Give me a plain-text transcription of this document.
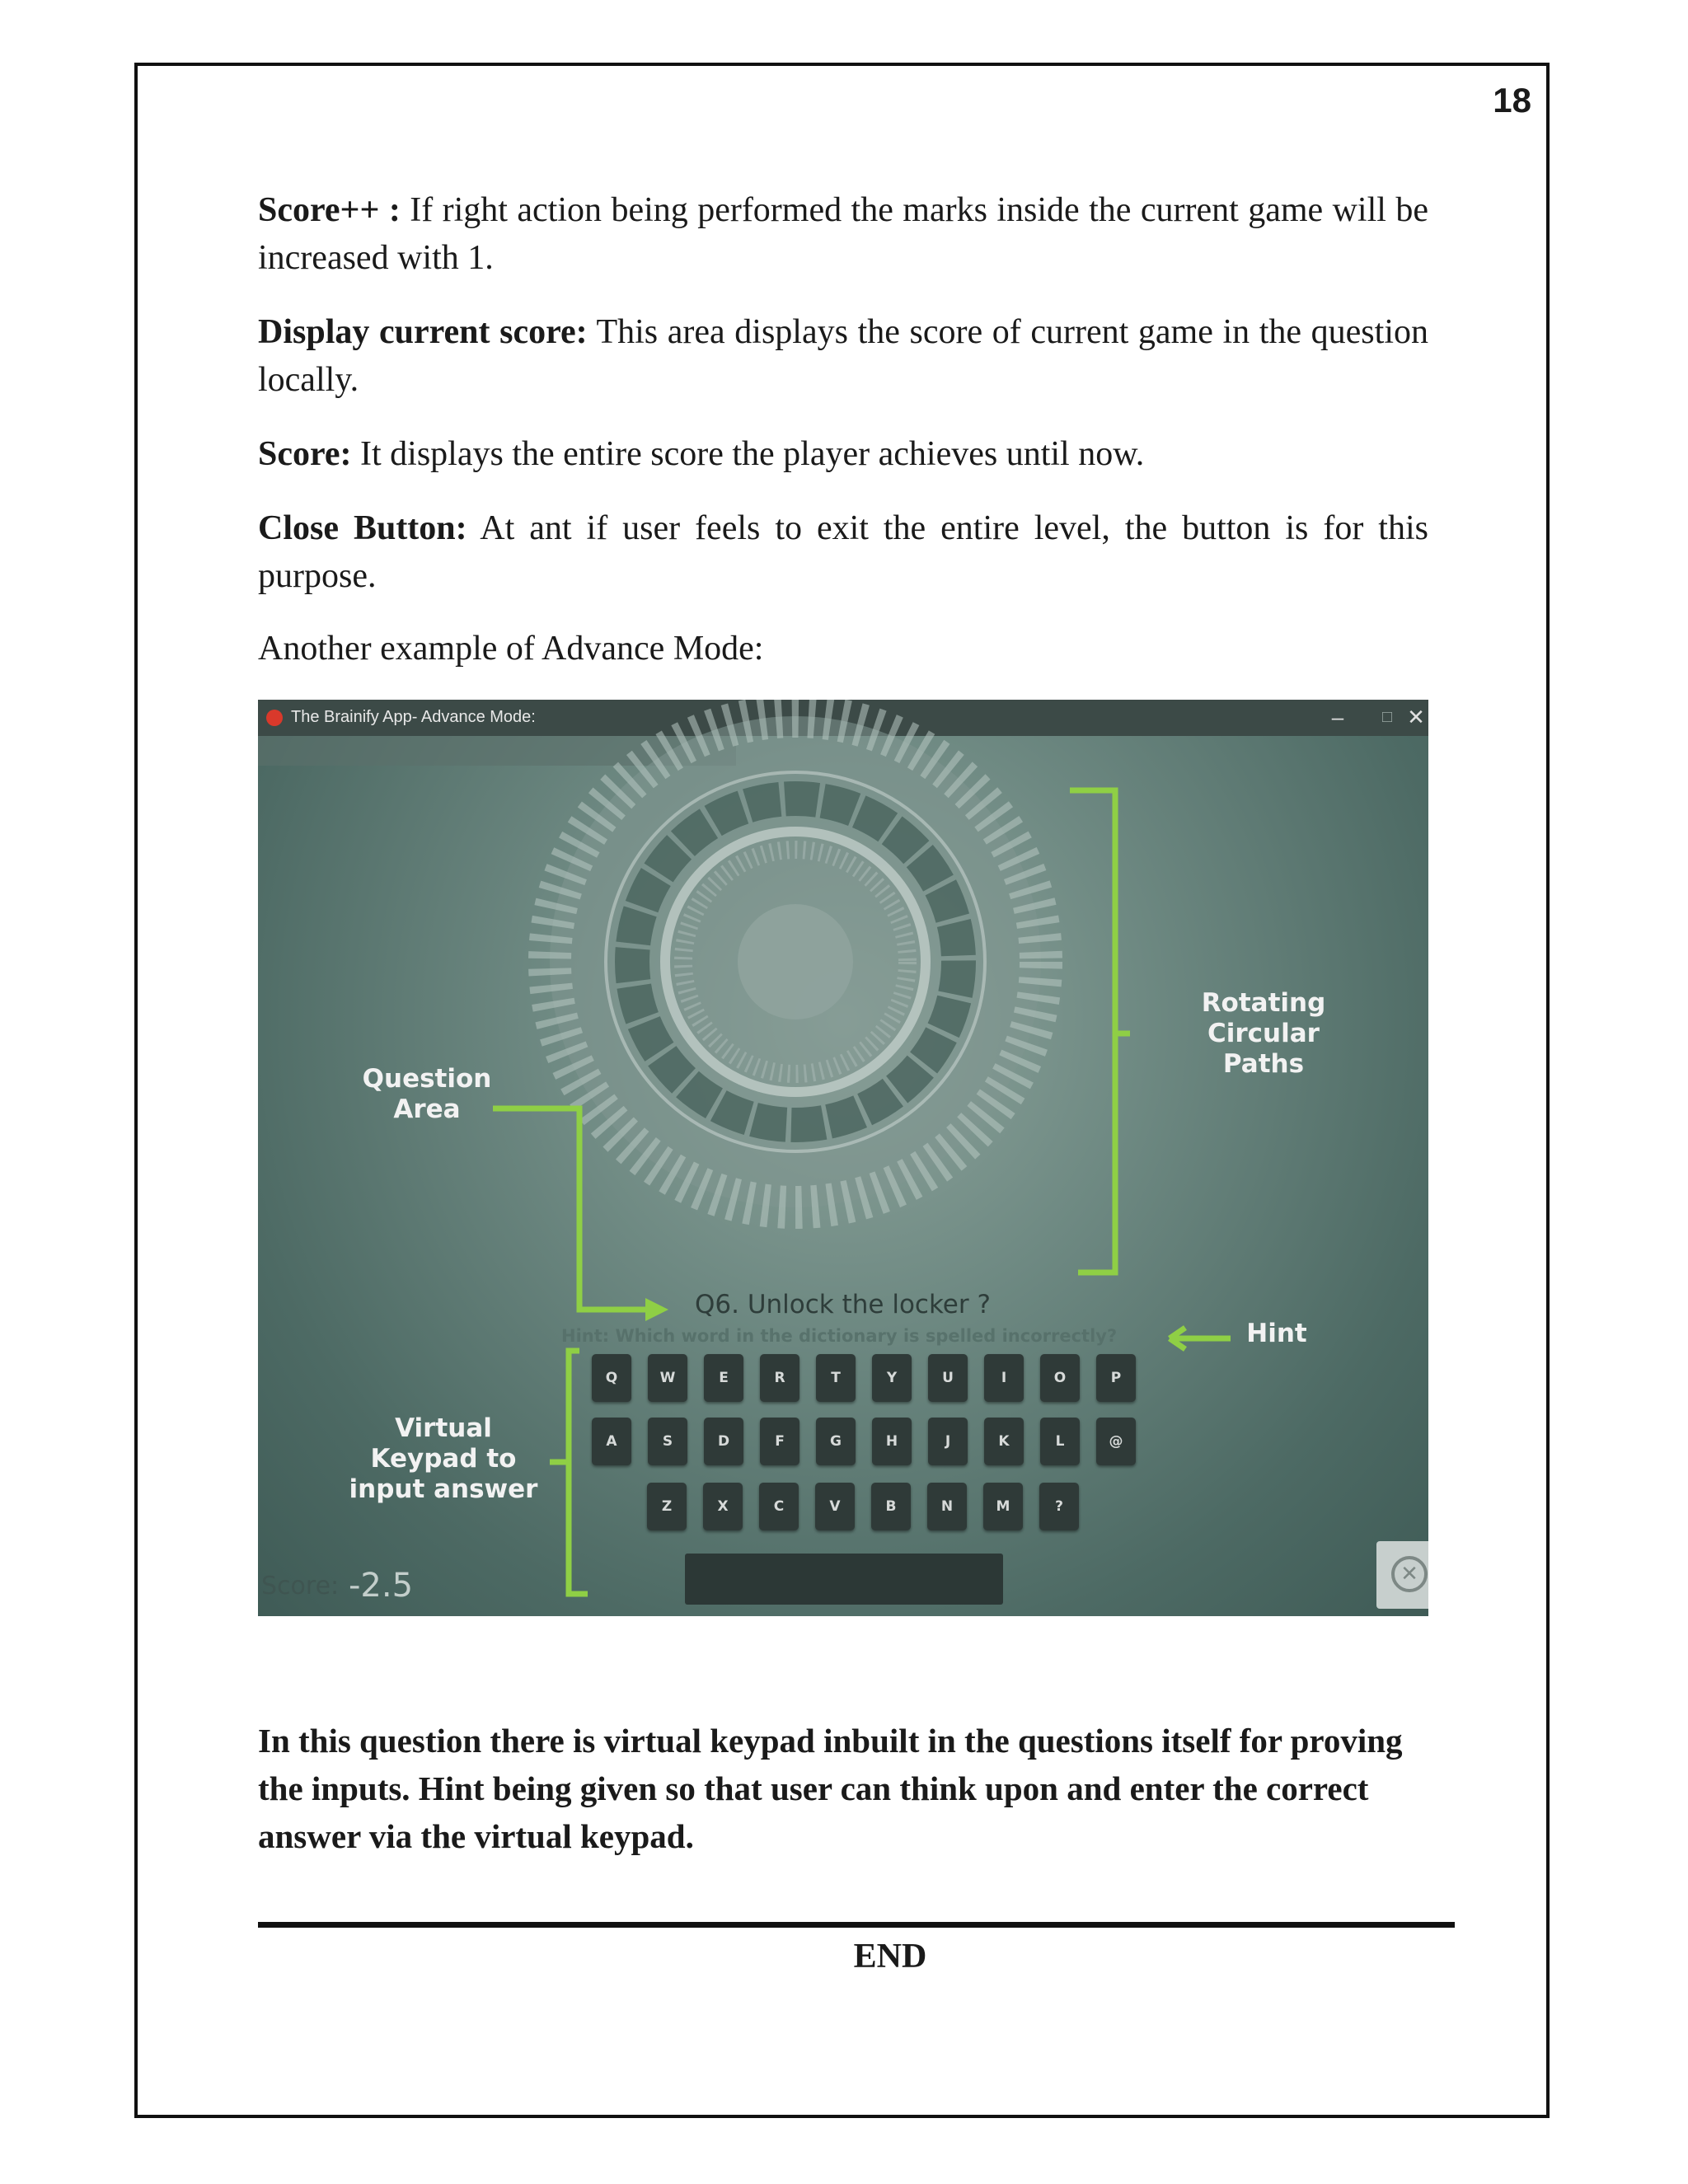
18

Score++ : If right action being performed the marks inside the current game will be increased with 1.

Display current score: This area displays the score of current game in the question locally.

Score: It displays the entire score the player achieves until now.

Close Button: At ant if user feels to exit the entire level, the button is for this purpose.

Another example of Advance Mode:

The Brainify App- Advance Mode:	–	□ ✕
Rotating
Circular
Paths
Question
Area
Hint
Virtual
Keypad to
input answer
Q6. Unlock the locker ?
Hint: Which word in the dictionary is spelled incorrectly?
Q	W	E	R	T	Y	U	I	O	P
A	S	D	F	G	H	J	K	L	@
Z	X	C	V	B	N	M	?
Score: -2.5	✕

In this question there is virtual keypad inbuilt in the questions itself for proving the inputs. Hint being given so that user can think upon and enter the correct answer via the virtual keypad.

END
